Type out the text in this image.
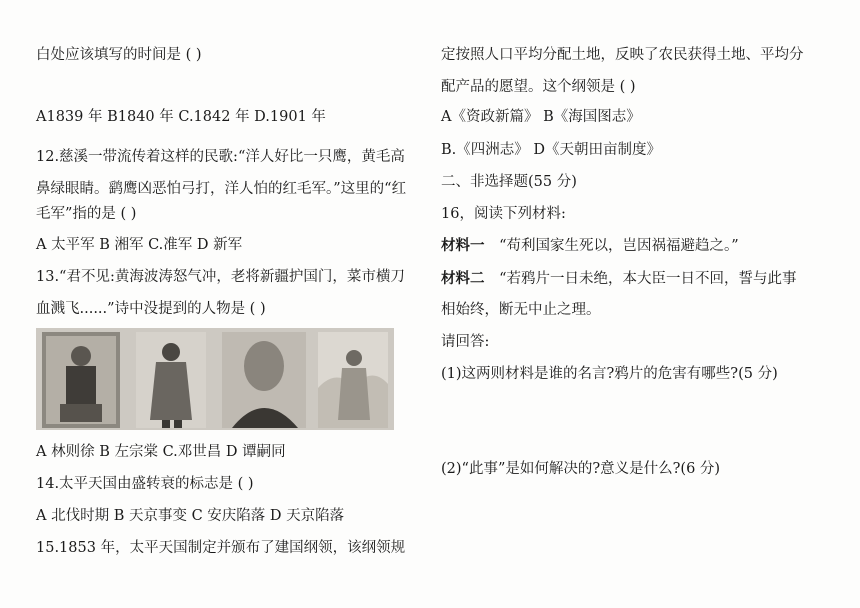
白处应该填写的时间是 ( )
A1839 年 B1840 年 C.1842 年 D.1901 年
12.慈溪一带流传着这样的民歌:“洋人好比一只鹰，黄毛高
鼻绿眼睛。鹞鹰凶恶怕弓打，洋人怕的红毛军。”这里的“红
毛军”指的是 ( )
A 太平军 B 湘军 C.准军 D 新军
13.“君不见:黄海波涛怒气冲，老将新疆护国门，菜市横刀
血溅飞......”诗中没提到的人物是 ( )
A 林则徐 B 左宗棠 C.邓世昌 D 谭嗣同
14.太平天国由盛转衰的标志是 ( )
A 北伐时期 B 天京事变 C 安庆陷落 D 天京陷落
15.1853 年，太平天国制定并颁布了建国纲领，该纲领规
定按照人口平均分配土地，反映了农民获得土地、平均分
配产品的愿望。这个纲领是 ( )
A《资政新篇》 B《海国图志》
B.《四洲志》 D《天朝田亩制度》
二、非选择题(55 分)
16，阅读下列材料:
材料一 “苟利国家生死以，岂因祸福避趋之。”
材料二 “若鸦片一日未绝，本大臣一日不回，誓与此事
相始终，断无中止之理。
请回答:
(1)这两则材料是谁的名言?鸦片的危害有哪些?(5 分)
(2)“此事”是如何解决的?意义是什么?(6 分)
